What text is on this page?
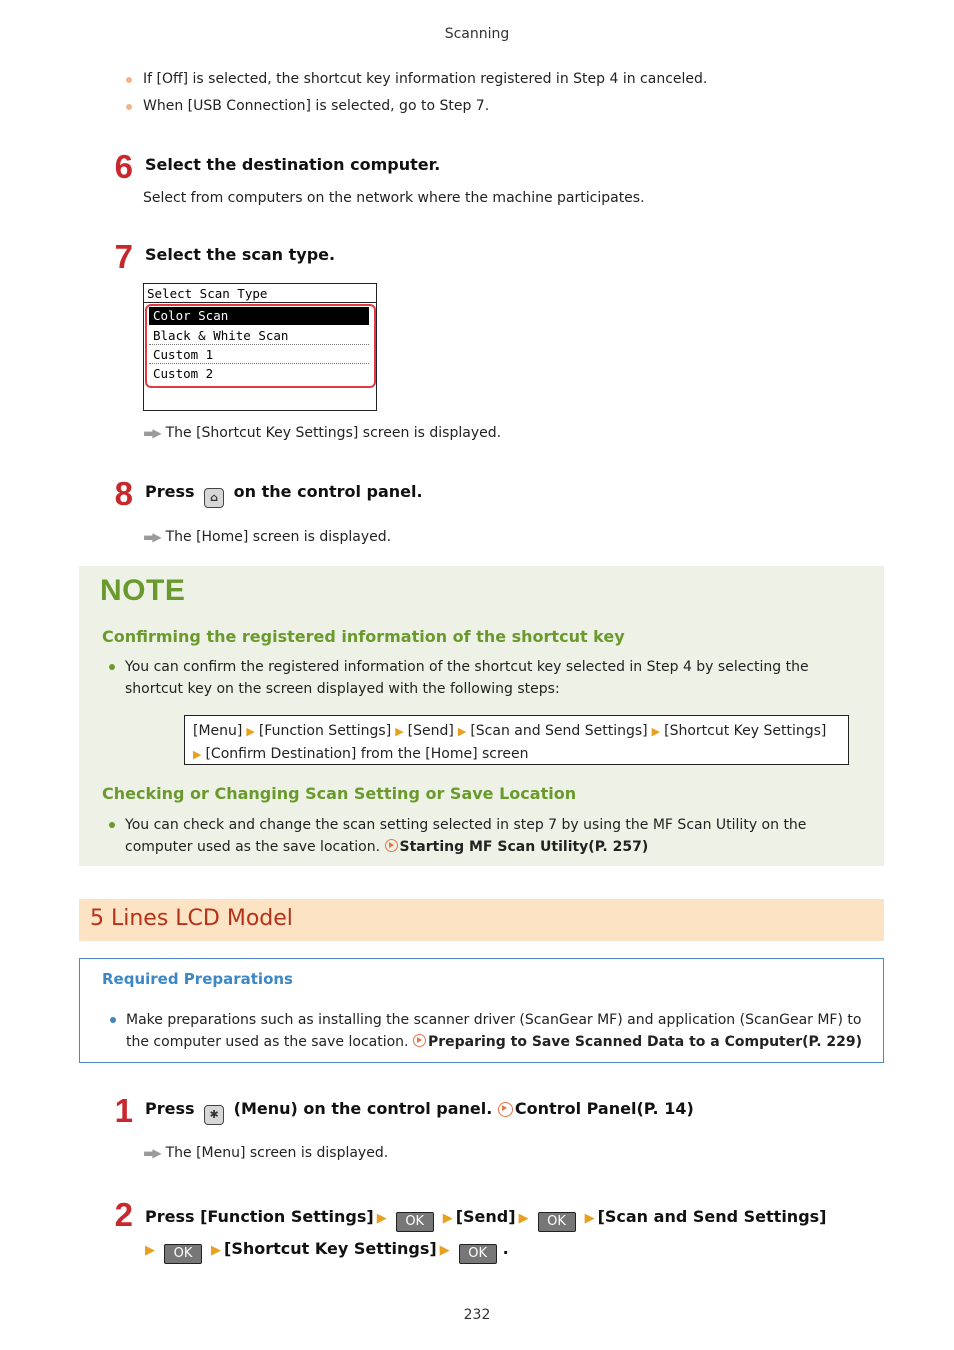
Scanning
If [Off] is selected, the shortcut key information registered in Step 4 in canceled.
When [USB Connection] is selected, go to Step 7.
6 Select the destination computer.
Select from computers on the network where the machine participates.
7 Select the scan type.
Select Scan Type
Color Scan
Black & White Scan
Custom 1
Custom 2
▬▶ The [Shortcut Key Settings] screen is displayed.
8 Press ⌂ on the control panel.
▬▶ The [Home] screen is displayed.
NOTE
Confirming the registered information of the shortcut key
You can confirm the registered information of the shortcut key selected in Step 4 by selecting the shortcut key on the screen displayed with the following steps:
[Menu] ▶ [Function Settings] ▶ [Send] ▶ [Scan and Send Settings] ▶ [Shortcut Key Settings]
▶ [Confirm Destination] from the [Home] screen
Checking or Changing Scan Setting or Save Location
You can check and change the scan setting selected in step 7 by using the MF Scan Utility on the computer used as the save location. Starting MF Scan Utility(P. 257)
5 Lines LCD Model
Required Preparations
Make preparations such as installing the scanner driver (ScanGear MF) and application (ScanGear MF) to the computer used as the save location. Preparing to Save Scanned Data to a Computer(P. 229)
1 Press ✱ (Menu) on the control panel. Control Panel(P. 14)
▬▶ The [Menu] screen is displayed.
2 Press [Function Settings] ▶ OK ▶ [Send] ▶ OK ▶ [Scan and Send Settings]
▶ OK ▶ [Shortcut Key Settings] ▶ OK .
232
